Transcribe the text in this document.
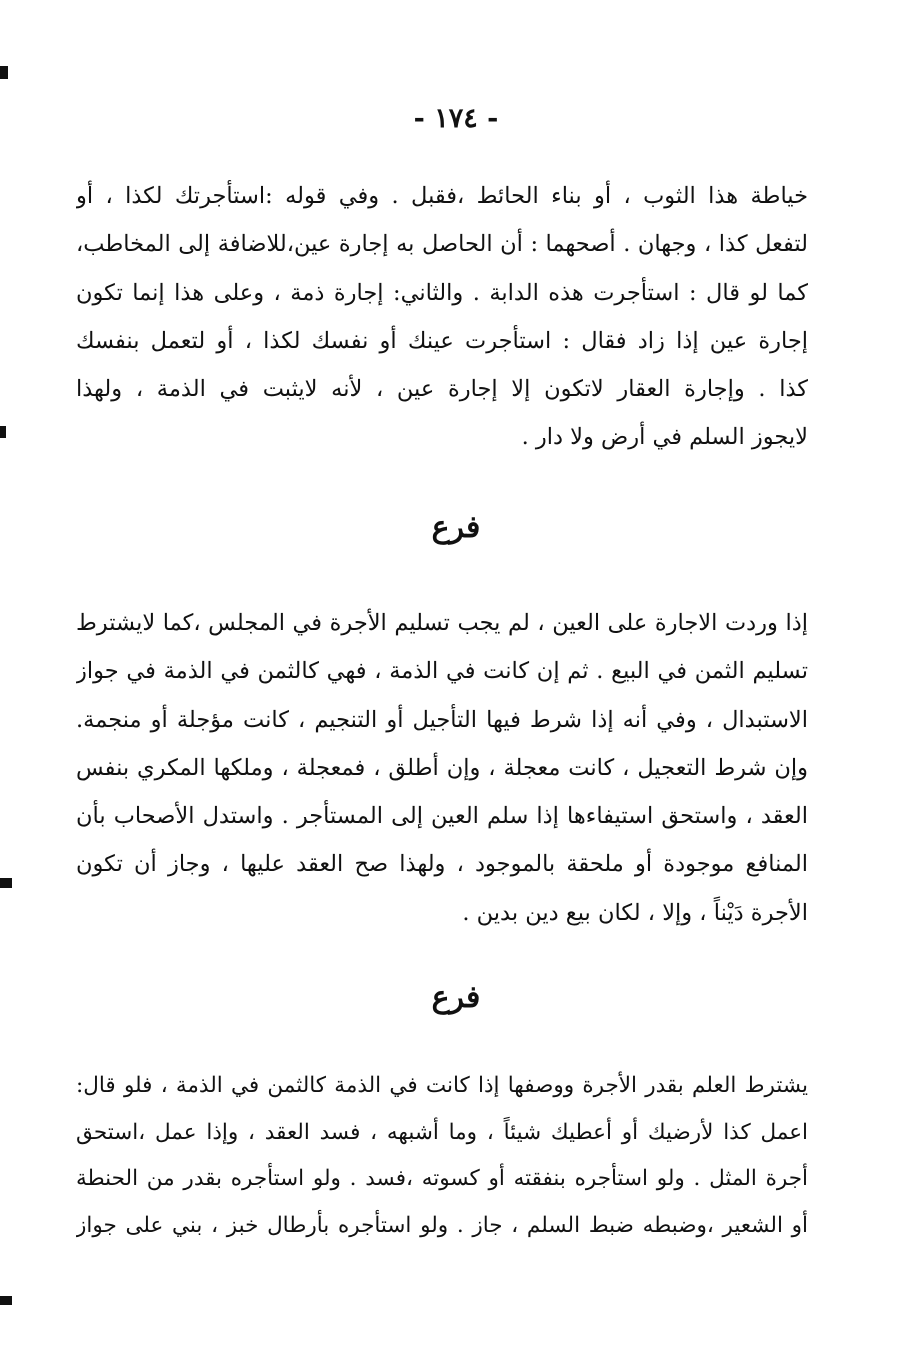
- ١٧٤ -
خياطة هذا الثوب ، أو بناء الحائط ،فقبل . وفي قوله :استأجرتك لكذا ، أو
لتفعل كذا ، وجهان . أصحهما : أن الحاصل به إجارة عين،للاضافة إلى المخاطب،
كما لو قال : استأجرت هذه الدابة . والثاني: إجارة ذمة ، وعلى هذا إنما تكون
إجارة عين إذا زاد فقال : استأجرت عينك أو نفسك لكذا ، أو لتعمل بنفسك
كذا . وإجارة العقار لاتكون إلا إجارة عين ، لأنه لايثبت في الذمة ، ولهذا
لايجوز السلم في أرض ولا دار .
فرع
إذا وردت الاجارة على العين ، لم يجب تسليم الأجرة في المجلس ،كما لايشترط
تسليم الثمن في البيع . ثم إن كانت في الذمة ، فهي كالثمن في الذمة في جواز
الاستبدال ، وفي أنه إذا شرط فيها التأجيل أو التنجيم ، كانت مؤجلة أو منجمة.
وإن شرط التعجيل ، كانت معجلة ، وإن أطلق ، فمعجلة ، وملكها المكري بنفس
العقد ، واستحق استيفاءها إذا سلم العين إلى المستأجر . واستدل الأصحاب بأن
المنافع موجودة أو ملحقة بالموجود ، ولهذا صح العقد عليها ، وجاز أن تكون
الأجرة دَيْناً ، وإلا ، لكان بيع دين بدين .
فرع
يشترط العلم بقدر الأجرة ووصفها إذا كانت في الذمة كالثمن في الذمة ، فلو قال:
اعمل كذا لأرضيك أو أعطيك شيئاً ، وما أشبهه ، فسد العقد ، وإذا عمل ،استحق
أجرة المثل . ولو استأجره بنفقته أو كسوته ،فسد . ولو استأجره بقدر من الحنطة
أو الشعير ،وضبطه ضبط السلم ، جاز . ولو استأجره بأرطال خبز ، بني على جواز
